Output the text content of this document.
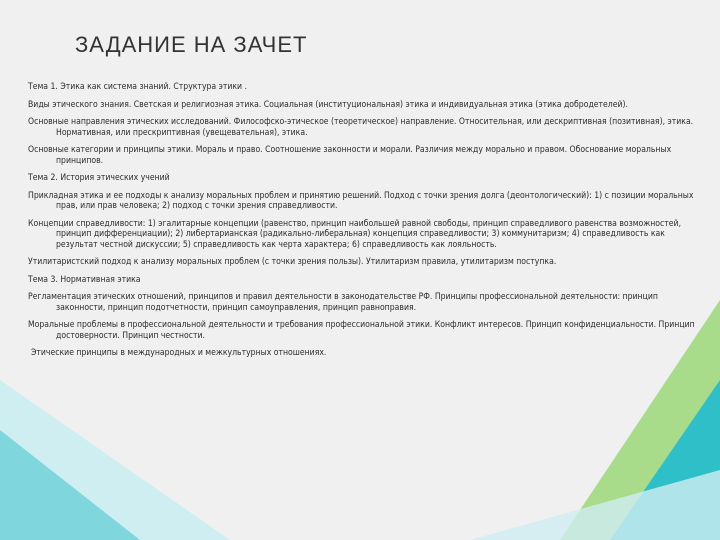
ЗАДАНИЕ НА ЗАЧЕТ

Тема 1. Этика как система знаний. Структура этики .

Виды этического знания. Светская и религиозная этика. Социальная (институциональная) этика и индивидуальная этика (этика добродетелей).

Основные направления этических исследований. Философско-этическое (теоретическое) направление. Относительная, или дескриптивная (позитивная), этика. Нормативная, или прескриптивная (увещевательная), этика.

Основные категории и принципы этики. Мораль и право. Соотношение законности и морали. Различия между морально и правом. Обоснование моральных принципов.

Тема 2. История этических учений

Прикладная этика и ее подходы к анализу моральных проблем и принятию решений. Подход с точки зрения долга (деонтологический): 1) с позиции моральных прав, или прав человека; 2) подход с точки зрения справедливости.

Концепции справедливости: 1) эгалитарные концепции (равенство, принцип наибольшей равной свободы, принцип справедливого равенства возможностей, принцип дифференциации); 2) либертарианская (радикально-либеральная) концепция справедливости; 3) коммунитаризм; 4) справедливость как результат честной дискуссии; 5) справедливость как черта характера; 6) справедливость как лояльность.

Утилитаристский подход к анализу моральных проблем (с точки зрения пользы). Утилитаризм правила, утилитаризм поступка.

Тема 3. Нормативная этика

Регламентация этических отношений, принципов и правил деятельности в законодательстве РФ. Принципы профессиональной деятельности: принцип законности, принцип подотчетности, принцип самоуправления, принцип равноправия.

Моральные проблемы в профессиональной деятельности и требования профессиональной этики. Конфликт интересов. Принцип конфиденциальности. Принцип достоверности. Принцип честности.

Этические принципы в международных и межкультурных отношениях.
